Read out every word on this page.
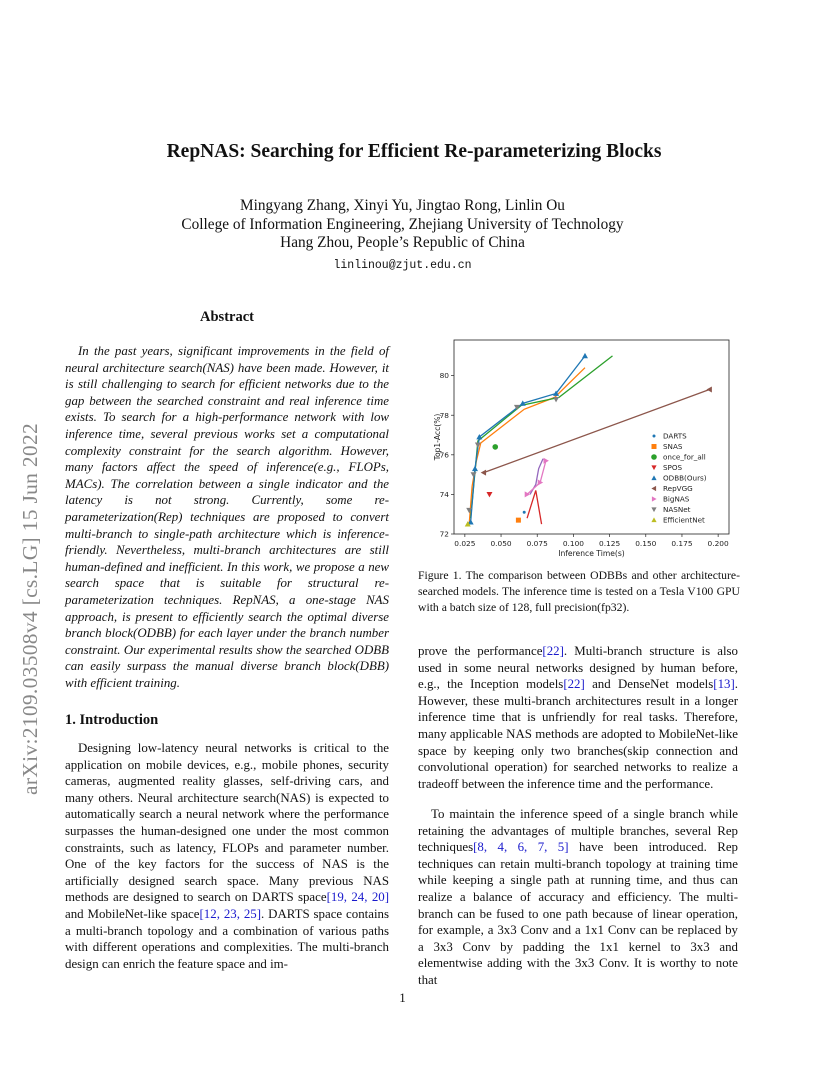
RepNAS: Searching for Efficient Re-parameterizing Blocks
Mingyang Zhang, Xinyi Yu, Jingtao Rong, Linlin Ou
College of Information Engineering, Zhejiang University of Technology
Hang Zhou, People’s Republic of China
linlinou@zjut.edu.cn
arXiv:2109.03508v4 [cs.LG] 15 Jun 2022
Abstract

In the past years, significant improvements in the field of neural architecture search(NAS) have been made. However, it is still challenging to search for efficient networks due to the gap between the searched constraint and real inference time exists. To search for a high-performance network with low inference time, several previous works set a computational complexity constraint for the search algorithm. However, many factors affect the speed of inference(e.g., FLOPs, MACs). The correlation between a single indicator and the latency is not strong. Currently, some re-parameterization(Rep) techniques are proposed to convert multi-branch to single-path architecture which is inference-friendly. Nevertheless, multi-branch architectures are still human-defined and inefficient. In this work, we propose a new search space that is suitable for structural re-parameterization techniques. RepNAS, a one-stage NAS approach, is present to efficiently search the optimal diverse branch block(ODBB) for each layer under the branch number constraint. Our experimental results show the searched ODBB can easily surpass the manual diverse branch block(DBB) with efficient training.

1. Introduction

Designing low-latency neural networks is critical to the application on mobile devices, e.g., mobile phones, security cameras, augmented reality glasses, self-driving cars, and many others. Neural architecture search(NAS) is expected to automatically search a neural network where the performance surpasses the human-designed one under the most common constraints, such as latency, FLOPs and parameter number. One of the key factors for the success of NAS is the artificially designed search space. Many previous NAS methods are designed to search on DARTS space[19, 24, 20] and MobileNet-like space[12, 23, 25]. DARTS space contains a multi-branch topology and a combination of various paths with different operations and complexities. The multi-branch design can enrich the feature space and im-

0.025 0.050 0.075 0.100 0.125 0.150 0.175 0.200
72
74
76
78
80
Inference Time(s)
Top1-Acc(%)	DARTS
SNAS
once_for_all
SPOS
ODBB(Ours)
RepVGG
BigNAS
NASNet
EfficientNet
Figure 1. The comparison between ODBBs and other architecture-searched models. The inference time is tested on a Tesla V100 GPU with a batch size of 128, full precision(fp32).

prove the performance[22]. Multi-branch structure is also used in some neural networks designed by human before, e.g., the Inception models[22] and DenseNet models[13]. However, these multi-branch architectures result in a longer inference time that is unfriendly for real tasks. Therefore, many applicable NAS methods are adopted to MobileNet-like space by keeping only two branches(skip connection and convolutional operation) for searched networks to realize a tradeoff between the inference time and the performance.

To maintain the inference speed of a single branch while retaining the advantages of multiple branches, several Rep techniques[8, 4, 6, 7, 5] have been introduced. Rep techniques can retain multi-branch topology at training time while keeping a single path at running time, and thus can realize a balance of accuracy and efficiency. The multi-branch can be fused to one path because of linear operation, for example, a 3x3 Conv and a 1x1 Conv can be replaced by a 3x3 Conv by padding the 1x1 kernel to 3x3 and elementwise adding with the 3x3 Conv. It is worthy to note that

1
